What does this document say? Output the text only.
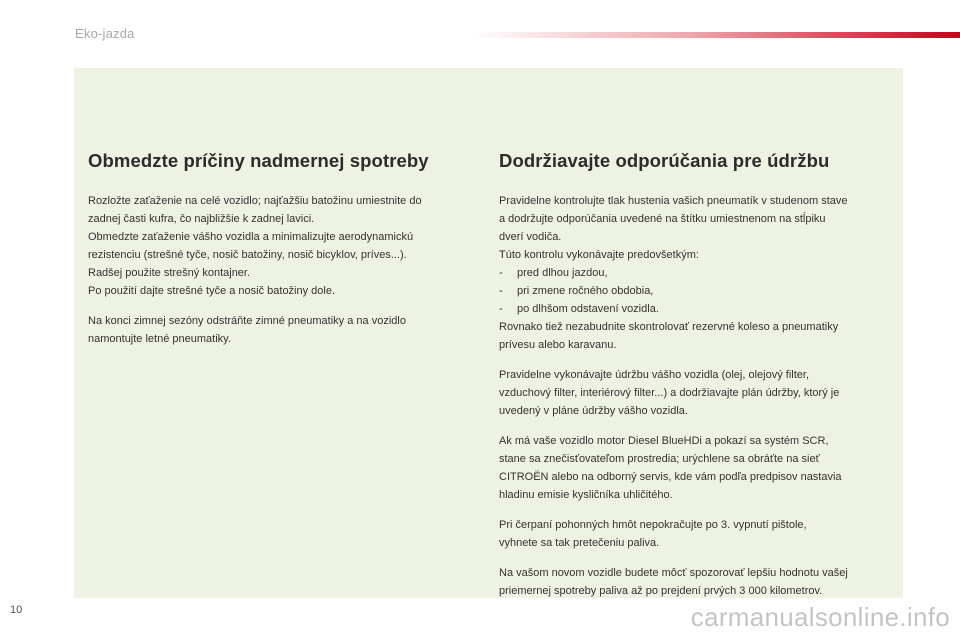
Eko-jazda
Obmedzte príčiny nadmernej spotreby
Rozložte zaťaženie na celé vozidlo; najťažšiu batožinu umiestnite do
zadnej časti kufra, čo najbližšie k zadnej lavici.
Obmedzte zaťaženie vášho vozidla a minimalizujte aerodynamickú
rezistenciu (strešné tyče, nosič batožiny, nosič bicyklov, príves...).
Radšej použite strešný kontajner.
Po použití dajte strešné tyče a nosič batožiny dole.
Na konci zimnej sezóny odstráňte zimné pneumatiky a na vozidlo
namontujte letné pneumatiky.
Dodržiavajte odporúčania pre údržbu
Pravidelne kontrolujte tlak hustenia vašich pneumatík v studenom stave
a dodržujte odporúčania uvedené na štítku umiestnenom na stĺpiku
dverí vodiča.
Túto kontrolu vykonávajte predovšetkým:
- pred dlhou jazdou,
- pri zmene ročného obdobia,
- po dlhšom odstavení vozidla.
Rovnako tiež nezabudnite skontrolovať rezervné koleso a pneumatiky
prívesu alebo karavanu.
Pravidelne vykonávajte údržbu vášho vozidla (olej, olejový filter,
vzduchový filter, interiérový filter...) a dodržiavajte plán údržby, ktorý je
uvedený v pláne údržby vášho vozidla.
Ak má vaše vozidlo motor Diesel BlueHDi a pokazí sa systém SCR,
stane sa znečisťovateľom prostredia; urýchlene sa obráťte na sieť
CITROËN alebo na odborný servis, kde vám podľa predpisov nastavia
hladinu emisie kysličníka uhličitého.
Pri čerpaní pohonných hmôt nepokračujte po 3. vypnutí pištole,
vyhnete sa tak pretečeniu paliva.
Na vašom novom vozidle budete môcť spozorovať lepšiu hodnotu vašej
priemernej spotreby paliva až po prejdení prvých 3 000 kilometrov.
10	carmanualsonline.info
